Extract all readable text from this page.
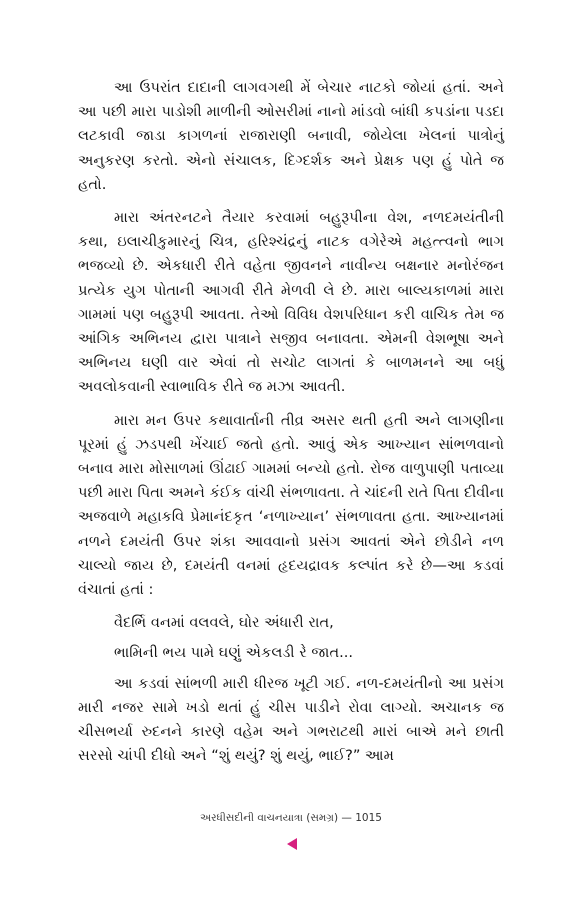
આ ઉપરાંત દાદાની લાગવગથી મેં બેચાર નાટકો જોયાં હતાં. અને આ પછી મારા પાડોશી માળીની ઓસરીમાં નાનો માંડવો બાંધી કપડાંના પડદા લટકાવી જાડા કાગળનાં રાજારાણી બનાવી, જોયેલા ખેલનાં પાત્રોનું અનુકરણ કરતો. એનો સંચાલક, દિગ્દર્શક અને પ્રેક્ષક પણ હું પોતે જ હતો.

મારા અંતરનટને તૈયાર કરવામાં બહુરૂપીના વેશ, નળદમયંતીની કથા, ઇલાચીકુમારનું ચિત્ર, હરિશ્ચંદ્રનું નાટક વગેરેએ મહત્ત્વનો ભાગ ભજવ્યો છે. એકધારી રીતે વહેતા જીવનને નાવીન્ય બક્ષનાર મનોરંજન પ્રત્યેક યુગ પોતાની આગવી રીતે મેળવી લે છે. મારા બાલ્યકાળમાં મારા ગામમાં પણ બહુરૂપી આવતા. તેઓ વિવિધ વેશપરિધાન કરી વાચિક તેમ જ આંગિક અભિનય દ્વારા પાત્રાને સજીવ બનાવતા. એમની વેશભૂષા અને અભિનય ઘણી વાર એવાં તો સચોટ લાગતાં કે બાળમનને આ બધું અવલોકવાની સ્વાભાવિક રીતે જ મઝા આવતી.

મારા મન ઉપર કથાવાર્તાની તીવ્ર અસર થતી હતી અને લાગણીના પૂરમાં હું ઝડપથી ખેંચાઈ જતો હતો. આવું એક આખ્યાન સાંભળવાનો બનાવ મારા મોસાળમાં ઊંઢાઈ ગામમાં બન્યો હતો. રોજ વાળુપાણી પતાવ્યા પછી મારા પિતા અમને કંઈક વાંચી સંભળાવતા. તે ચાંદની રાતે પિતા દીવીના અજવાળે મહાકવિ પ્રેમાનંદકૃત ‘નળાખ્યાન’ સંભળાવતા હતા. આખ્યાનમાં નળને દમયંતી ઉપર શંકા આવવાનો પ્રસંગ આવતાં એને છોડીને નળ ચાલ્યો જાય છે, દમયંતી વનમાં હૃદયદ્રાવક કલ્પાંત કરે છે—આ કડવાં વંચાતાં હતાં :

વૈદર્ભિ વનમાં વલવલે, ઘોર અંધારી રાત,
ભામિની ભય પામે ઘણું એકલડી રે જાત...

આ કડવાં સાંભળી મારી ધીરજ ખૂટી ગઈ. નળ-દમયંતીનો આ પ્રસંગ મારી નજર સામે ખડો થતાં હું ચીસ પાડીને રોવા લાગ્યો. અચાનક જ ચીસભર્યા રુદનને કારણે વહેમ અને ગભરાટથી મારાં બાએ મને છાતી સરસો ચાંપી દીધો અને “શું થયું? શું થયું, ભાઈ?” આમ

અરધીસદીની વાચનયાત્રા (સમગ્ર) — 1015
